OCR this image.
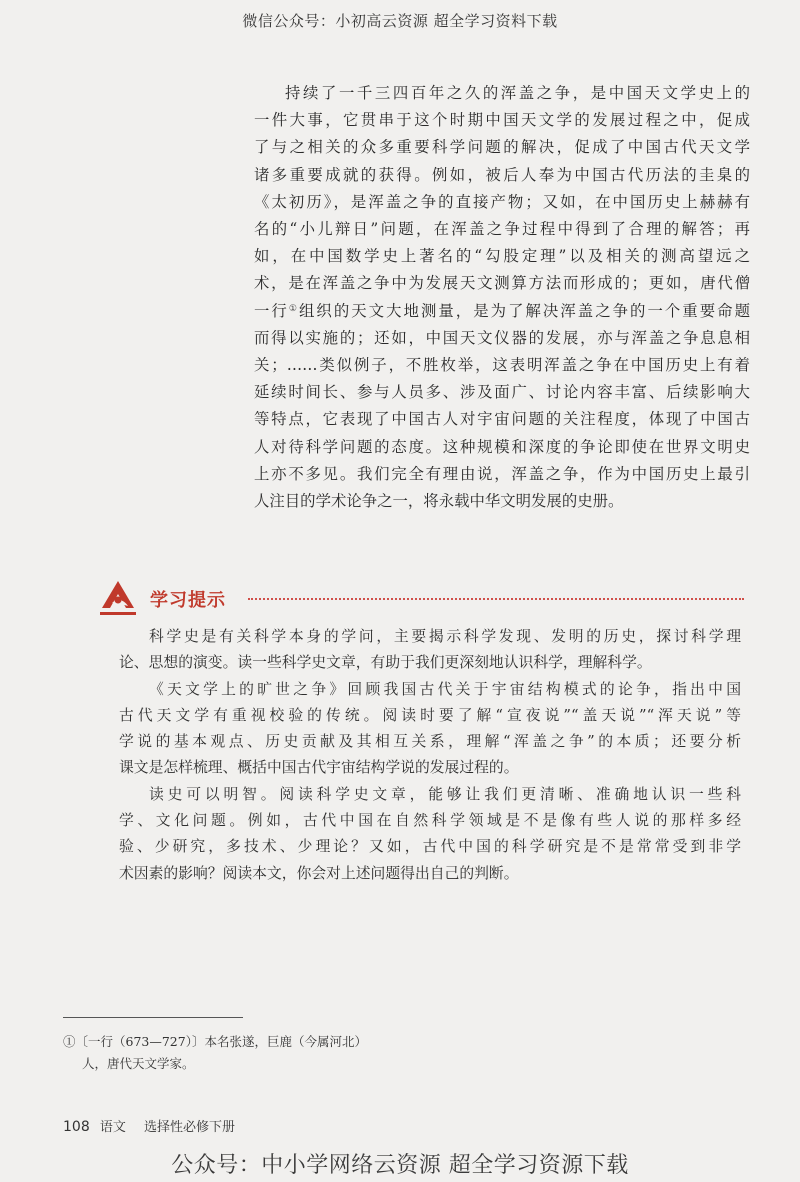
微信公众号：小初高云资源 超全学习资料下载
持续了一千三四百年之久的浑盖之争，是中国天文学史上的
一件大事，它贯串于这个时期中国天文学的发展过程之中，促成
了与之相关的众多重要科学问题的解决，促成了中国古代天文学
诸多重要成就的获得。例如，被后人奉为中国古代历法的圭臬的
《太初历》，是浑盖之争的直接产物；又如，在中国历史上赫赫有
名的“小儿辩日”问题，在浑盖之争过程中得到了合理的解答；再
如，在中国数学史上著名的“勾股定理”以及相关的测高望远之
术，是在浑盖之争中为发展天文测算方法而形成的；更如，唐代僧
一行①组织的天文大地测量，是为了解决浑盖之争的一个重要命题
而得以实施的；还如，中国天文仪器的发展，亦与浑盖之争息息相
关；……类似例子，不胜枚举，这表明浑盖之争在中国历史上有着
延续时间长、参与人员多、涉及面广、讨论内容丰富、后续影响大
等特点，它表现了中国古人对宇宙问题的关注程度，体现了中国古
人对待科学问题的态度。这种规模和深度的争论即使在世界文明史
上亦不多见。我们完全有理由说，浑盖之争，作为中国历史上最引
人注目的学术论争之一，将永载中华文明发展的史册。
学习提示
科学史是有关科学本身的学问，主要揭示科学发现、发明的历史，探讨科学理
论、思想的演变。读一些科学史文章，有助于我们更深刻地认识科学，理解科学。
《天文学上的旷世之争》回顾我国古代关于宇宙结构模式的论争，指出中国
古代天文学有重视校验的传统。阅读时要了解“宣夜说”“盖天说”“浑天说”等
学说的基本观点、历史贡献及其相互关系，理解“浑盖之争”的本质；还要分析
课文是怎样梳理、概括中国古代宇宙结构学说的发展过程的。
读史可以明智。阅读科学史文章，能够让我们更清晰、准确地认识一些科
学、文化问题。例如，古代中国在自然科学领域是不是像有些人说的那样多经
验、少研究，多技术、少理论？又如，古代中国的科学研究是不是常常受到非学
术因素的影响？阅读本文，你会对上述问题得出自己的判断。
①〔一行（673—727）〕本名张遂，巨鹿（今属河北）
人，唐代天文学家。
108 语文 选择性必修下册
公众号：中小学网络云资源 超全学习资源下载
